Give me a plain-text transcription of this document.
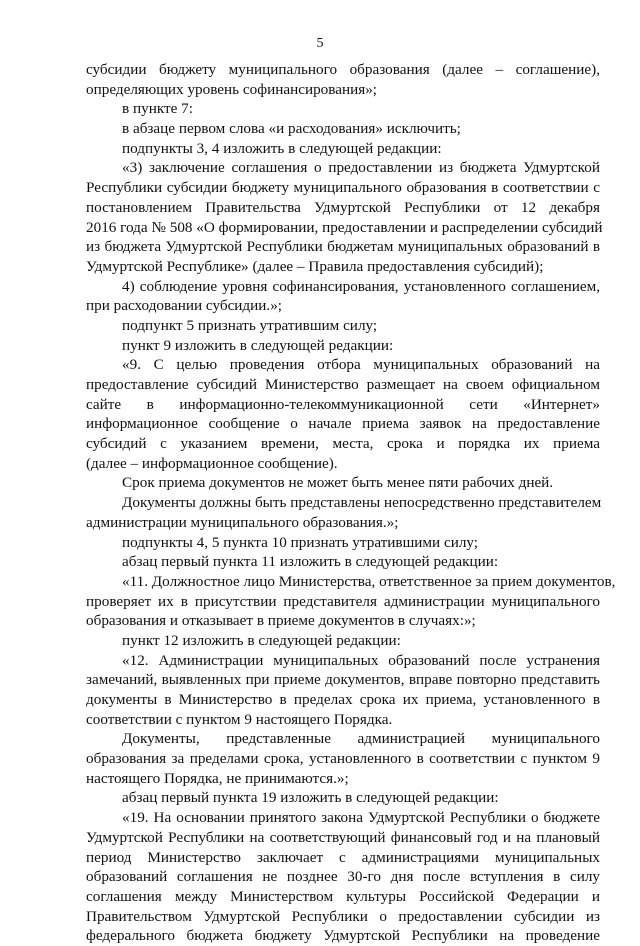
5
субсидии бюджету муниципального образования (далее – соглашение),
определяющих уровень софинансирования»;
в пункте 7:
в абзаце первом слова «и расходования» исключить;
подпункты 3, 4 изложить в следующей редакции:
«3) заключение соглашения о предоставлении из бюджета Удмуртской
Республики субсидии бюджету муниципального образования в соответствии с
постановлением Правительства Удмуртской Республики от 12 декабря
2016 года № 508 «О формировании, предоставлении и распределении субсидий
из бюджета Удмуртской Республики бюджетам муниципальных образований в
Удмуртской Республике» (далее – Правила предоставления субсидий);
4) соблюдение уровня софинансирования, установленного соглашением,
при расходовании субсидии.»;
подпункт 5 признать утратившим силу;
пункт 9 изложить в следующей редакции:
«9. С целью проведения отбора муниципальных образований на
предоставление субсидий Министерство размещает на своем официальном
сайте в информационно-телекоммуникационной сети «Интернет»
информационное сообщение о начале приема заявок на предоставление
субсидий с указанием времени, места, срока и порядка их приема
(далее – информационное сообщение).
Срок приема документов не может быть менее пяти рабочих дней.
Документы должны быть представлены непосредственно представителем
администрации муниципального образования.»;
подпункты 4, 5 пункта 10 признать утратившими силу;
абзац первый пункта 11 изложить в следующей редакции:
«11. Должностное лицо Министерства, ответственное за прием документов,
проверяет их в присутствии представителя администрации муниципального
образования и отказывает в приеме документов в случаях:»;
пункт 12 изложить в следующей редакции:
«12. Администрации муниципальных образований после устранения
замечаний, выявленных при приеме документов, вправе повторно представить
документы в Министерство в пределах срока их приема, установленного в
соответствии с пунктом 9 настоящего Порядка.
Документы, представленные администрацией муниципального
образования за пределами срока, установленного в соответствии с пунктом 9
настоящего Порядка, не принимаются.»;
абзац первый пункта 19 изложить в следующей редакции:
«19. На основании принятого закона Удмуртской Республики о бюджете
Удмуртской Республики на соответствующий финансовый год и на плановый
период Министерство заключает с администрациями муниципальных
образований соглашения не позднее 30-го дня после вступления в силу
соглашения между Министерством культуры Российской Федерации и
Правительством Удмуртской Республики о предоставлении субсидии из
федерального бюджета бюджету Удмуртской Республики на проведение
